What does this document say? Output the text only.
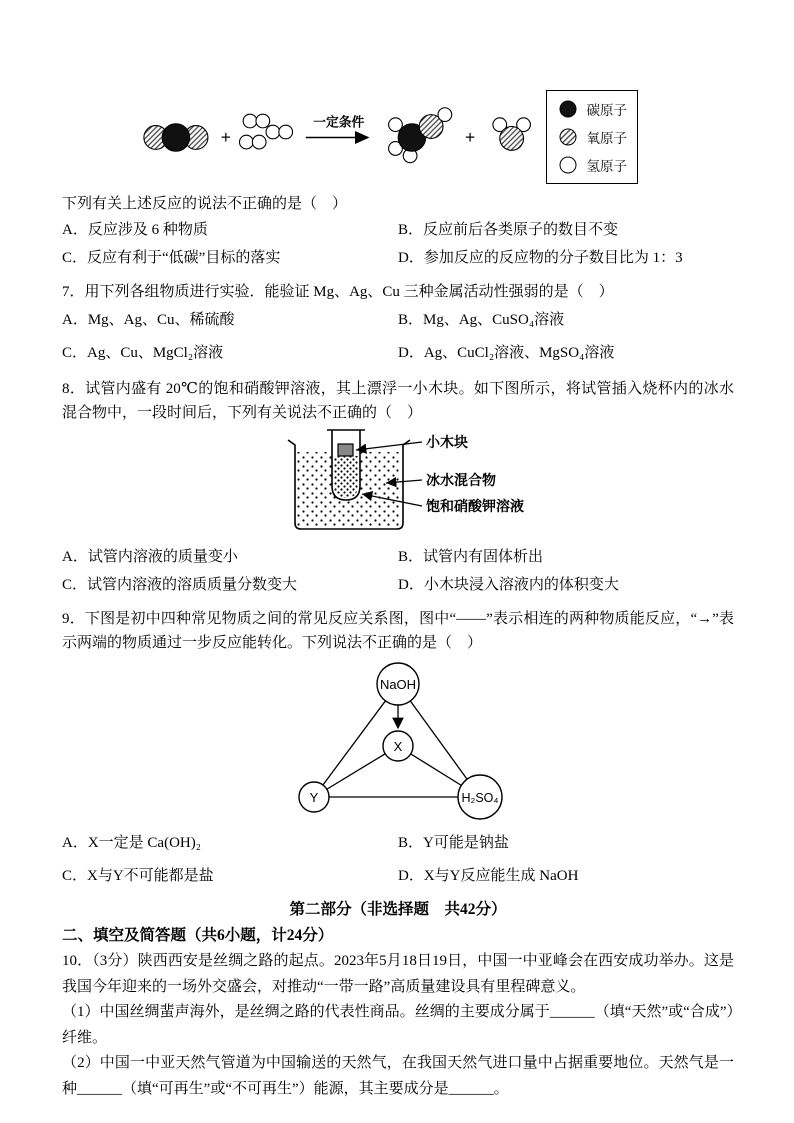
+
一定条件
+
碳原子
氧原子
氢原子

下列有关上述反应的说法不正确的是（　）

A．反应涉及 6 种物质	B．反应前后各类原子的数目不变
C．反应有利于“低碳”目标的落实	D．参加反应的反应物的分子数目比为 1：3

7．用下列各组物质进行实验．能验证 Mg、Ag、Cu 三种金属活动性强弱的是（　）

A．Mg、Ag、Cu、稀硫酸	B．Mg、Ag、CuSO₄溶液
C．Ag、Cu、MgCl₂溶液	D．Ag、CuCl₂溶液、MgSO₄溶液

8．试管内盛有 20℃的饱和硝酸钾溶液，其上漂浮一小木块。如下图所示，将试管插入烧杯内的冰水混合物中，一段时间后，下列有关说法不正确的（　）

小木块
冰水混合物
饱和硝酸钾溶液
A．试管内溶液的质量变小	B．试管内有固体析出
C．试管内溶液的溶质质量分数变大	D．小木块浸入溶液内的体积变大

9．下图是初中四种常见物质之间的常见反应关系图，图中“——”表示相连的两种物质能反应，“→”表示两端的物质通过一步反应能转化。下列说法不正确的是（　）

NaOH
X
Y	H₂SO₄
A．X一定是 Ca(OH)₂	B．Y可能是钠盐
C．X与Y不可能都是盐	D．X与Y反应能生成 NaOH
第二部分（非选择题　共42分）
二、填空及简答题（共6小题，计24分）

10．（3分）陕西西安是丝绸之路的起点。2023年5月18日19日，中国一中亚峰会在西安成功举办。这是我国今年迎来的一场外交盛会，对推动“一带一路”高质量建设具有里程碑意义。

（1）中国丝绸蜚声海外，是丝绸之路的代表性商品。丝绸的主要成分属于______（填“天然”或“合成”）纤维。

（2）中国一中亚天然气管道为中国输送的天然气，在我国天然气进口量中占据重要地位。天然气是一种______（填“可再生”或“不可再生”）能源，其主要成分是______。
